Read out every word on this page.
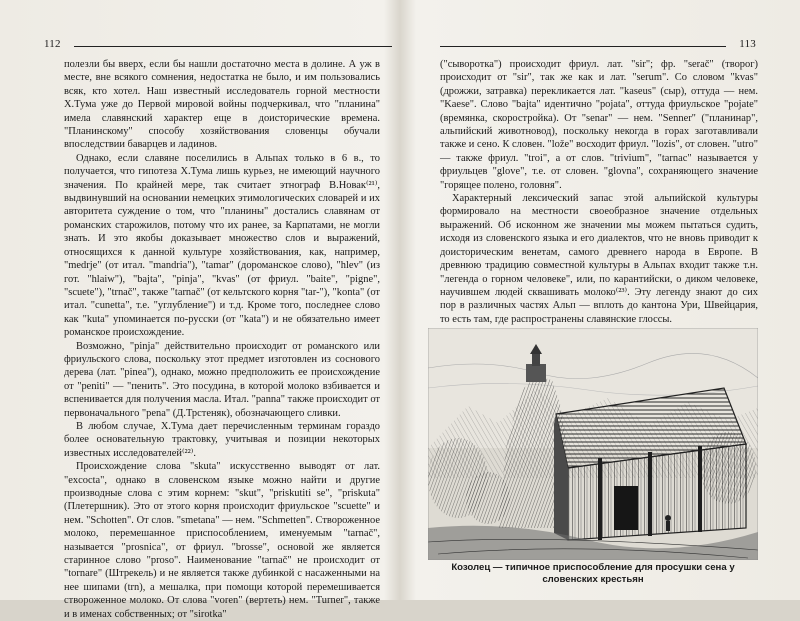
112

полезли бы вверх, если бы нашли достаточно места в долине. А уж в месте, вне всякого сомнения, недостатка не было, и им пользовались всяк, кто хотел. Наш известный исследователь горной местности Х.Тума уже до Первой мировой войны подчеркивал, что "планина" имела славянский характер еще в доисторические времена. "Планинскому" способу хозяйствования словенцы обучали впоследствии баварцев и ладинов.

Однако, если славяне поселились в Альпах только в 6 в., то получается, что гипотеза Х.Тума лишь курьез, не имеющий научного значения. По крайней мере, так считает этнограф В.Новак⁽²¹⁾, выдвинувший на основании немецких этимологических словарей и их авторитета суждение о том, что "планины" достались славянам от романских старожилов, потому что их ранее, за Карпатами, не могли знать. И это якобы доказывает множество слов и выражений, относящихся к данной культуре хозяйствования, как, например, "medrje" (от итал. "mandria"), "tamar" (дороманское слово), "hlev" (из гот. "hlaiw"), "bajta", "pinja", "kvas" (от фриул. "baite", "pigne", "scuete"), "trnač", также "tarnač" (от кельтского корня "tar-"), "konta" (от итал. "cunetta", т.е. "углубление") и т.д. Кроме того, последнее слово как "kuta" упоминается по-русски (от "kata") и не обязательно имеет романское происхождение.

Возможно, "pinja" действительно происходит от романского или фриульского слова, поскольку этот предмет изготовлен из соснового дерева (лат. "pinea"), однако, можно предположить ее происхождение от "peniti" — "пенить". Это посудина, в которой молоко взбивается и вспенивается для получения масла. Итал. "panna" также происходит от первоначального "pena" (Д.Трстеняк), обозначающего сливки.

В любом случае, Х.Тума дает перечисленным терминам гораздо более основательную трактовку, учитывая и позиции некоторых известных исследователей⁽²²⁾.

Происхождение слова "skuta" искусственно выводят от лат. "excocta", однако в словенском языке можно найти и другие производные слова с этим корнем: "skut", "priskutiti se", "priskuta" (Плетершник). Это от этого корня происходит фриульское "scuette" и нем. "Schotten". От слов. "smetana" — нем. "Schmetten". Створоженное молоко, перемешанное приспособлением, именуемым "tarnač", называется "prosnica", от фриул. "brosse", основой же является старинное слово "proso". Наименование "tarnač" не происходит от "tornare" (Штрекель) и не является также дубинкой с насаженными на нее шипами (trn), а мешалка, при помощи которой перемешивается створоженное молоко. От слова "voren" (вертеть) нем. "Turner", также и в именах собственных; от "sirotka"

113

("сыворотка") происходит фриул. лат. "sir"; фр. "serač" (творог) происходит от "sir", так же как и лат. "serum". Со словом "kvas" (дрожжи, затравка) перекликается лат. "kaseus" (сыр), оттуда — нем. "Kaese". Слово "bajta" идентично "pojata", оттуда фриульское "pojate" (времянка, скоростройка). От "senar" — нем. "Senner" ("планинар", альпийский животновод), поскольку некогда в горах заготавливали также и сено. К словен. "lože" восходит фриул. "lozis", от словен. "utro" — также фриул. "troi", а от слов. "trivium", "tarnac" называется у фриульцев "glove", т.е. от словен. "glovna", сохраняющего значение "горящее полено, головня".

Характерный лексический запас этой альпийской культуры формировало на местности своеобразное значение отдельных выражений. Об исконном же значении мы можем пытаться судить, исходя из словенского языка и его диалектов, что не вновь приводит к доисторическим венетам, самого древнего народа в Европе. В древнюю традицию совместной культуры в Альпах входит также т.н. "легенда о горном человеке", или, по карантийски, о диком человеке, научившем людей сквашивать молоко⁽²³⁾. Эту легенду знают до сих пор в различных частях Альп — вплоть до кантона Ури, Швейцария, то есть там, где распространены славянские глоссы.

Козолец — типичное приспособление для просушки сена у словенских крестьян
